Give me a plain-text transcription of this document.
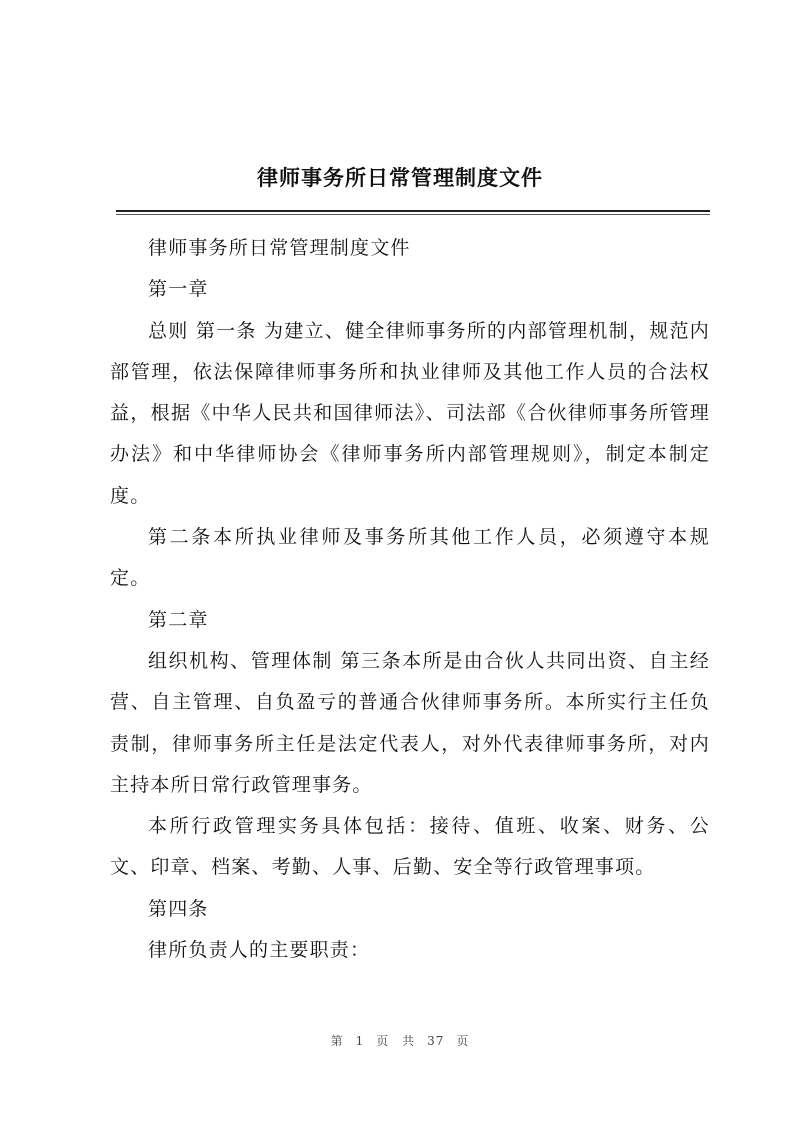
律师事务所日常管理制度文件

律师事务所日常管理制度文件

第一章

总则 第一条 为建立、健全律师事务所的内部管理机制，规范内部管理，依法保障律师事务所和执业律师及其他工作人员的合法权益，根据《中华人民共和国律师法》、司法部《合伙律师事务所管理办法》和中华律师协会《律师事务所内部管理规则》，制定本制定度。

第二条本所执业律师及事务所其他工作人员，必须遵守本规定。

第二章

组织机构、管理体制 第三条本所是由合伙人共同出资、自主经营、自主管理、自负盈亏的普通合伙律师事务所。本所实行主任负责制，律师事务所主任是法定代表人，对外代表律师事务所，对内主持本所日常行政管理事务。

本所行政管理实务具体包括：接待、值班、收案、财务、公文、印章、档案、考勤、人事、后勤、安全等行政管理事项。

第四条

律所负责人的主要职责：

第 1 页 共 37 页
